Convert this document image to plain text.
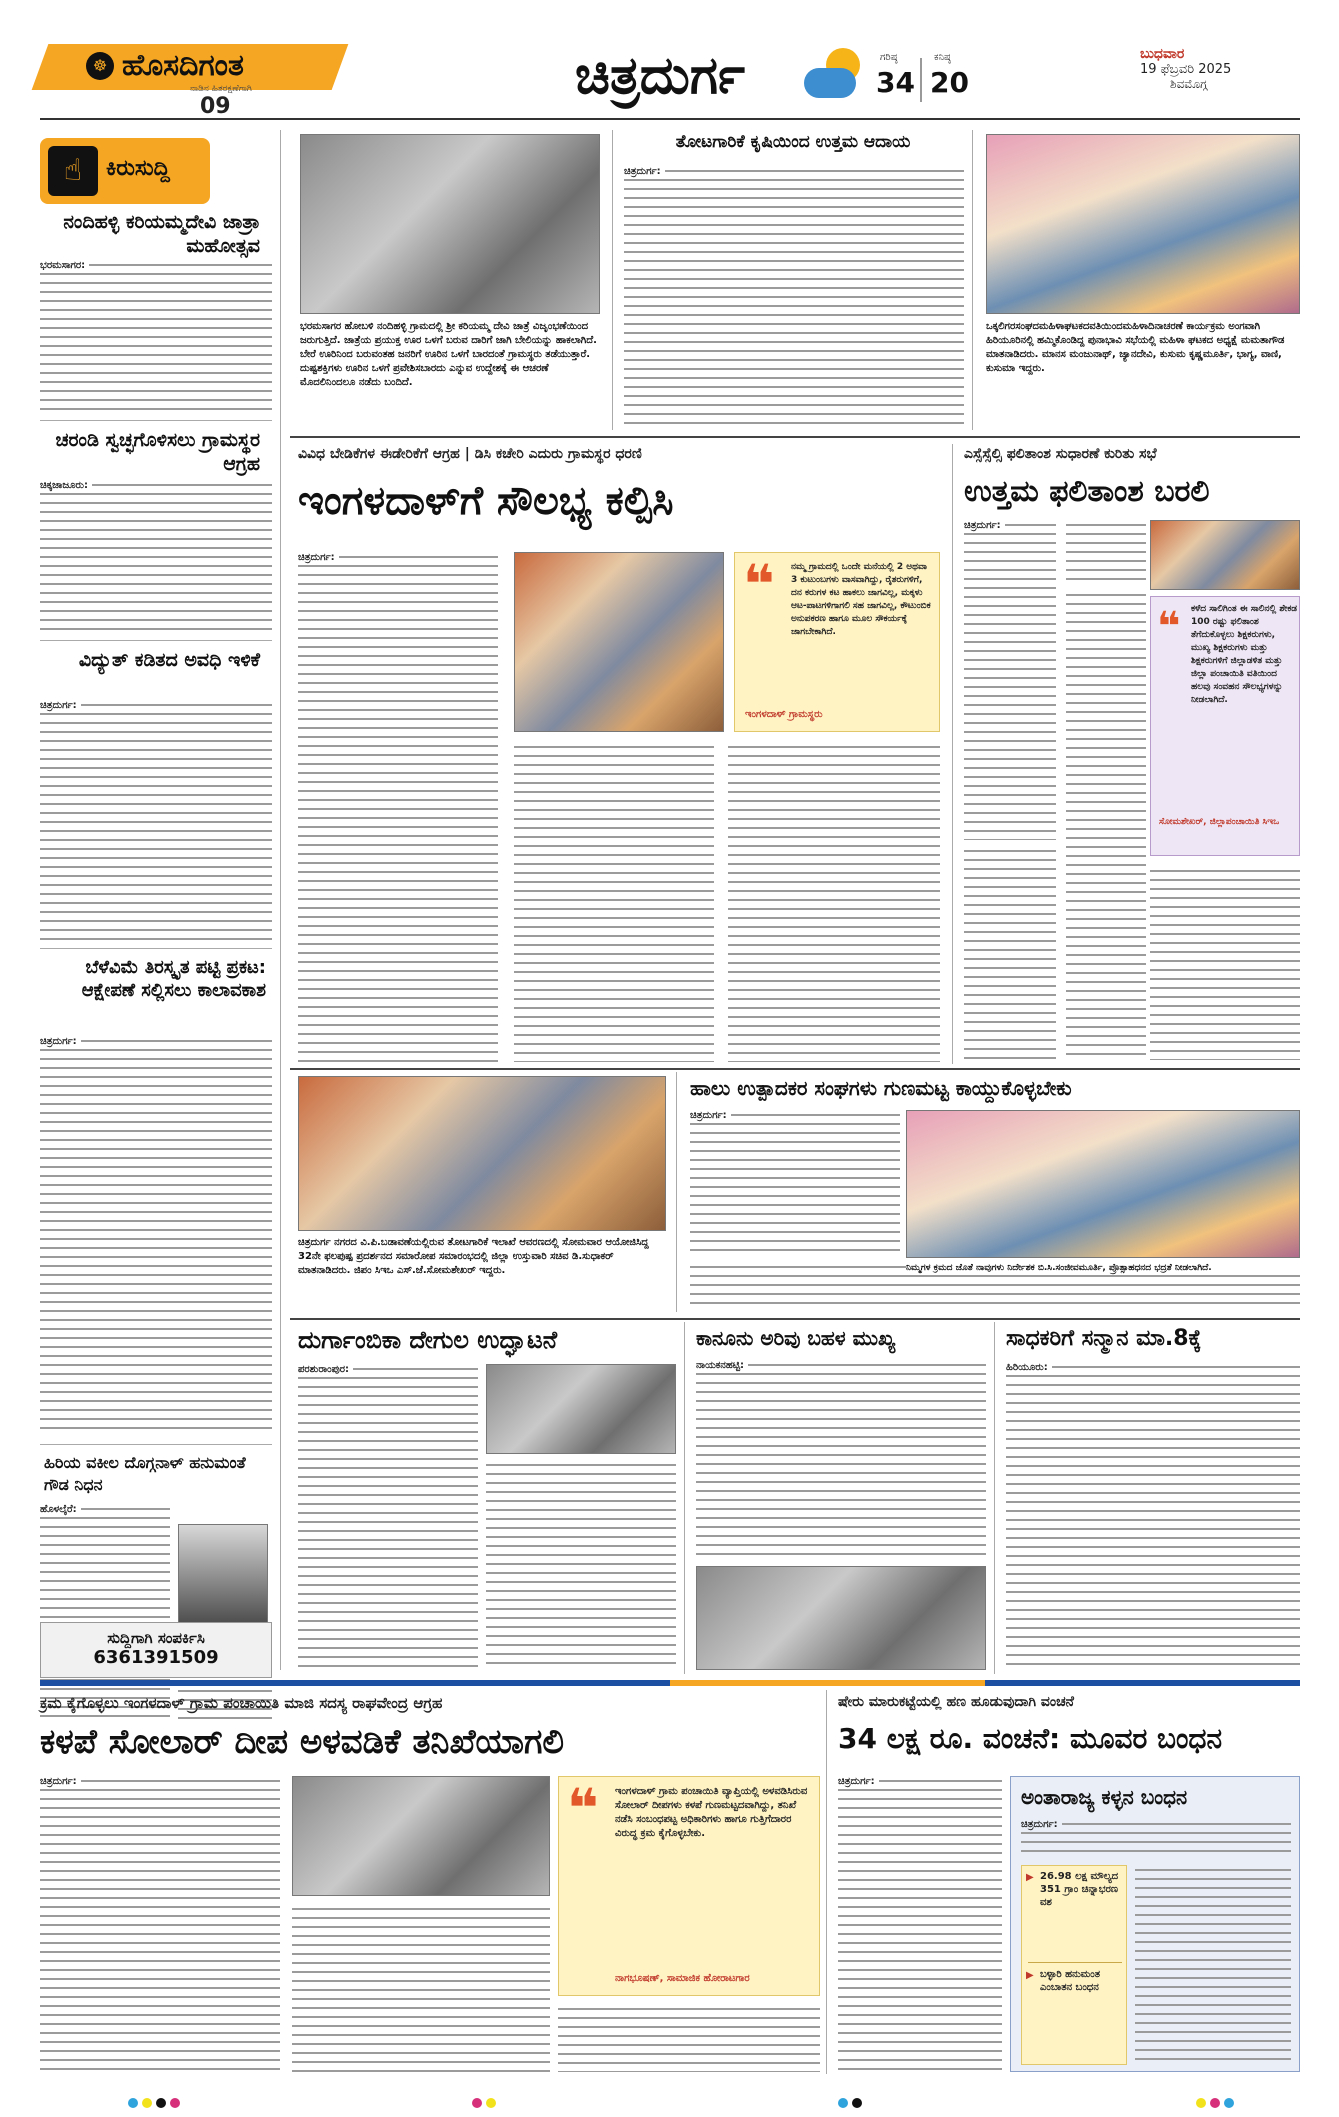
☸ ಹೊಸದಿಗಂತ
ನಾಡಿನ ಹಿತರಕ್ಷಣೆಗಾಗಿ
09
ಚಿತ್ರದುರ್ಗ	ಗರಿಷ್ಠ
34
ಕನಿಷ್ಠ
20
ಬುಧವಾರ
19 ಫೆಬ್ರವರಿ 2025
ಶಿವಮೊಗ್ಗ
☝	ಕಿರುಸುದ್ದಿ
ನಂದಿಹಳ್ಳಿ ಕರಿಯಮ್ಮದೇವಿ ಜಾತ್ರಾ ಮಹೋತ್ಸವ
ಭರಮಸಾಗರ:
ಚರಂಡಿ ಸ್ವಚ್ಛಗೊಳಿಸಲು ಗ್ರಾಮಸ್ಥರ ಆಗ್ರಹ
ಚಿಕ್ಕಜಾಜೂರು:
ವಿದ್ಯುತ್ ಕಡಿತದ ಅವಧಿ ಇಳಿಕೆ
ಚಿತ್ರದುರ್ಗ:
ಬೆಳೆವಿಮೆ ತಿರಸ್ಕೃತ ಪಟ್ಟಿ ಪ್ರಕಟ: ಆಕ್ಷೇಪಣೆ ಸಲ್ಲಿಸಲು ಕಾಲಾವಕಾಶ
ಚಿತ್ರದುರ್ಗ:
ಹಿರಿಯ ವಕೀಲ ದೊಗ್ಗನಾಳ್ ಹನುಮಂತೆ ಗೌಡ ನಿಧನ
ಹೊಳಲ್ಕೆರೆ:
ಸುದ್ದಿಗಾಗಿ ಸಂಪರ್ಕಿಸಿ
6361391509
ಭರಮಸಾಗರ ಹೋಬಳಿ ನಂದಿಹಳ್ಳಿ ಗ್ರಾಮದಲ್ಲಿ ಶ್ರೀ ಕರಿಯಮ್ಮ ದೇವಿ ಜಾತ್ರೆ ವಿಜೃಂಭಣೆಯಿಂದ ಜರುಗುತ್ತಿದೆ. ಜಾತ್ರೆಯ ಪ್ರಯುಕ್ತ ಊರ ಒಳಗೆ ಬರುವ ದಾರಿಗೆ ಜಾಗಿ ಬೇಲಿಯನ್ನು ಹಾಕಲಾಗಿದೆ. ಬೇರೆ ಊರಿನಿಂದ ಬರುವಂತಹ ಜನರಿಗೆ ಊರಿನ ಒಳಗೆ ಬಾರದಂತೆ ಗ್ರಾಮಸ್ಥರು ತಡೆಯುತ್ತಾರೆ. ದುಷ್ಟಶಕ್ತಿಗಳು ಊರಿನ ಒಳಗೆ ಪ್ರವೇಶಿಸಬಾರದು ಎನ್ನುವ ಉದ್ದೇಶಕ್ಕೆ ಈ ಆಚರಣೆ ಮೊದಲಿನಿಂದಲೂ ನಡೆದು ಬಂದಿದೆ.
ತೋಟಗಾರಿಕೆ ಕೃಷಿಯಿಂದ ಉತ್ತಮ ಆದಾಯ
ಚಿತ್ರದುರ್ಗ:
ಒಕ್ಕಲಿಗರಸಂಘದಮಹಿಳಾಘಟಕದವತಿಯಿಂದಮಹಿಳಾದಿನಾಚರಣೆ ಕಾರ್ಯಕ್ರಮ ಅಂಗವಾಗಿ ಹಿರಿಯೂರಿನಲ್ಲಿ ಹಮ್ಮಿಕೊಂಡಿದ್ದ ಪುನಾಭಾವಿ ಸಭೆಯಲ್ಲಿ ಮಹಿಳಾ ಘಟಕದ ಅಧ್ಯಕ್ಷೆ ಮಮತಾಗೌಡ ಮಾತನಾಡಿದರು. ಮಾನಸ ಮಂಜುನಾಥ್, ಜ್ಯಾನದೇವಿ, ಕುಸುಮ ಕೃಷ್ಣಮೂರ್ತಿ, ಭಾಗ್ಯ, ವಾಣಿ, ಕುಸುಮಾ ಇದ್ದರು.
ವಿವಿಧ ಬೇಡಿಕೆಗಳ ಈಡೇರಿಕೆಗೆ ಆಗ್ರಹ | ಡಿಸಿ ಕಚೇರಿ ಎದುರು ಗ್ರಾಮಸ್ಥರ ಧರಣಿ
ಇಂಗಳದಾಳ್‌ಗೆ ಸೌಲಭ್ಯ ಕಲ್ಪಿಸಿ
ಚಿತ್ರದುರ್ಗ:	❝ ನಮ್ಮ ಗ್ರಾಮದಲ್ಲಿ ಒಂದೇ ಮನೆಯಲ್ಲಿ 2 ಅಥವಾ 3 ಕುಟುಂಬಗಳು ವಾಸವಾಗಿದ್ದು, ರೈತರುಗಳಿಗೆ, ದನ ಕರುಗಳ ಕಟ ಹಾಕಲು ಜಾಗವಿಲ್ಲ, ಮಕ್ಕಳು ಆಟ-ಪಾಟಗಳಿಗಾಗಲಿ ಸಹ ಜಾಗವಿಲ್ಲ, ಕೌಟುಂಬಿಕ ಅನುಪಕರಣ ಹಾಗೂ ಮೂಲ ಸೌಕರ್ಯಕ್ಕೆ ಜಾಗಬೇಕಾಗಿದೆ.
ಇಂಗಳದಾಳ್ ಗ್ರಾಮಸ್ಥರು
ಎಸ್ಸೆಸ್ಸೆಲ್ಸಿ ಫಲಿತಾಂಶ ಸುಧಾರಣೆ ಕುರಿತು ಸಭೆ
ಉತ್ತಮ ಫಲಿತಾಂಶ ಬರಲಿ
ಚಿತ್ರದುರ್ಗ:
❝ ಕಳೆದ ಸಾಲಿಗಿಂತ ಈ ಸಾಲಿನಲ್ಲಿ ಶೇಕಡ 100 ರಷ್ಟು ಫಲಿತಾಂಶ ತೆಗೆದುಕೊಳ್ಳಲು ಶಿಕ್ಷಕರುಗಳು, ಮುಖ್ಯ ಶಿಕ್ಷಕರುಗಳು ಮತ್ತು ಶಿಕ್ಷಕರುಗಳಿಗೆ ಜಿಲ್ಲಾಡಳಿತ ಮತ್ತು ಜಿಲ್ಲಾ ಪಂಚಾಯಿತಿ ವತಿಯಿಂದ ಹಲವು ಸಂವಹನ ಸೌಲಭ್ಯಗಳನ್ನು ನೀಡಲಾಗಿದೆ.
ಸೋಮಶೇಖರ್, ಜಿಲ್ಲಾಪಂಚಾಯಿತಿ ಸಿಇಒ
ಚಿತ್ರದುರ್ಗ ನಗರದ ವಿ.ಪಿ.ಬಡಾವಣೆಯಲ್ಲಿರುವ ತೋಟಗಾರಿಕೆ ಇಲಾಖೆ ಆವರಣದಲ್ಲಿ ಸೋಮವಾರ ಆಯೋಜಿಸಿದ್ದ 32ನೇ ಫಲಪುಷ್ಪ ಪ್ರದರ್ಶನದ ಸಮಾರೋಪ ಸಮಾರಂಭದಲ್ಲಿ ಜಿಲ್ಲಾ ಉಸ್ತುವಾರಿ ಸಚಿವ ಡಿ.ಸುಧಾಕರ್ ಮಾತನಾಡಿದರು. ಜಿಪಂ ಸಿಇಒ ಎಸ್.ಜೆ.ಸೋಮಶೇಖರ್ ಇದ್ದರು.
ಹಾಲು ಉತ್ಪಾದಕರ ಸಂಘಗಳು ಗುಣಮಟ್ಟ ಕಾಯ್ದುಕೊಳ್ಳಬೇಕು
ಚಿತ್ರದುರ್ಗ:
ನಿಮ್ಮಗಳ ಕ್ರಮದ ಜೊತೆ ನಾವುಗಳು ನಿರ್ದೇಶಕ ಬಿ.ಸಿ.ಸಂಜೀವಮೂರ್ತಿ, ಪ್ರೊತ್ಸಾಹಧನದ ಭದ್ರತೆ ನೀಡಲಾಗಿದೆ.
ದುರ್ಗಾಂಬಿಕಾ ದೇಗುಲ ಉದ್ಘಾಟನೆ
ಪರಶುರಾಂಪುರ:
ಕಾನೂನು ಅರಿವು ಬಹಳ ಮುಖ್ಯ
ನಾಯಕನಹಟ್ಟಿ:
ಸಾಧಕರಿಗೆ ಸನ್ಮಾನ ಮಾ.8ಕ್ಕೆ
ಹಿರಿಯೂರು:
ಕ್ರಮ ಕೈಗೊಳ್ಳಲು ಇಂಗಳದಾಳ್ ಗ್ರಾಮ ಪಂಚಾಯಿತಿ ಮಾಜಿ ಸದಸ್ಯ ರಾಘವೇಂದ್ರ ಆಗ್ರಹ
ಕಳಪೆ ಸೋಲಾರ್ ದೀಪ ಅಳವಡಿಕೆ ತನಿಖೆಯಾಗಲಿ
ಚಿತ್ರದುರ್ಗ:	❝ ಇಂಗಳದಾಳ್ ಗ್ರಾಮ ಪಂಚಾಯಿತಿ ವ್ಯಾಪ್ತಿಯಲ್ಲಿ ಅಳವಡಿಸಿರುವ ಸೋಲಾರ್ ದೀಪಗಳು ಕಳಪೆ ಗುಣಮಟ್ಟದವಾಗಿದ್ದು, ತನಿಖೆ ನಡೆಸಿ ಸಂಬಂಧಪಟ್ಟ ಅಧಿಕಾರಿಗಳು ಹಾಗೂ ಗುತ್ತಿಗೆದಾರರ ವಿರುದ್ಧ ಕ್ರಮ ಕೈಗೊಳ್ಳಬೇಕು.
ನಾಗಭೂಷಣ್, ಸಾಮಾಜಿಕ ಹೋರಾಟಗಾರ
ಷೇರು ಮಾರುಕಟ್ಟೆಯಲ್ಲಿ ಹಣ ಹೂಡುವುದಾಗಿ ವಂಚನೆ
34 ಲಕ್ಷ ರೂ. ವಂಚನೆ: ಮೂವರ ಬಂಧನ
ಚಿತ್ರದುರ್ಗ:
ಅಂತಾರಾಜ್ಯ ಕಳ್ಳನ ಬಂಧನ
ಚಿತ್ರದುರ್ಗ:
▶ 26.98 ಲಕ್ಷ ಮೌಲ್ಯದ 351 ಗ್ರಾಂ ಚಿನ್ನಾಭರಣ ವಶ
▶ ಬಳ್ಳಾರಿ ಹನುಮಂತ ಎಂಬಾತನ ಬಂಧನ
